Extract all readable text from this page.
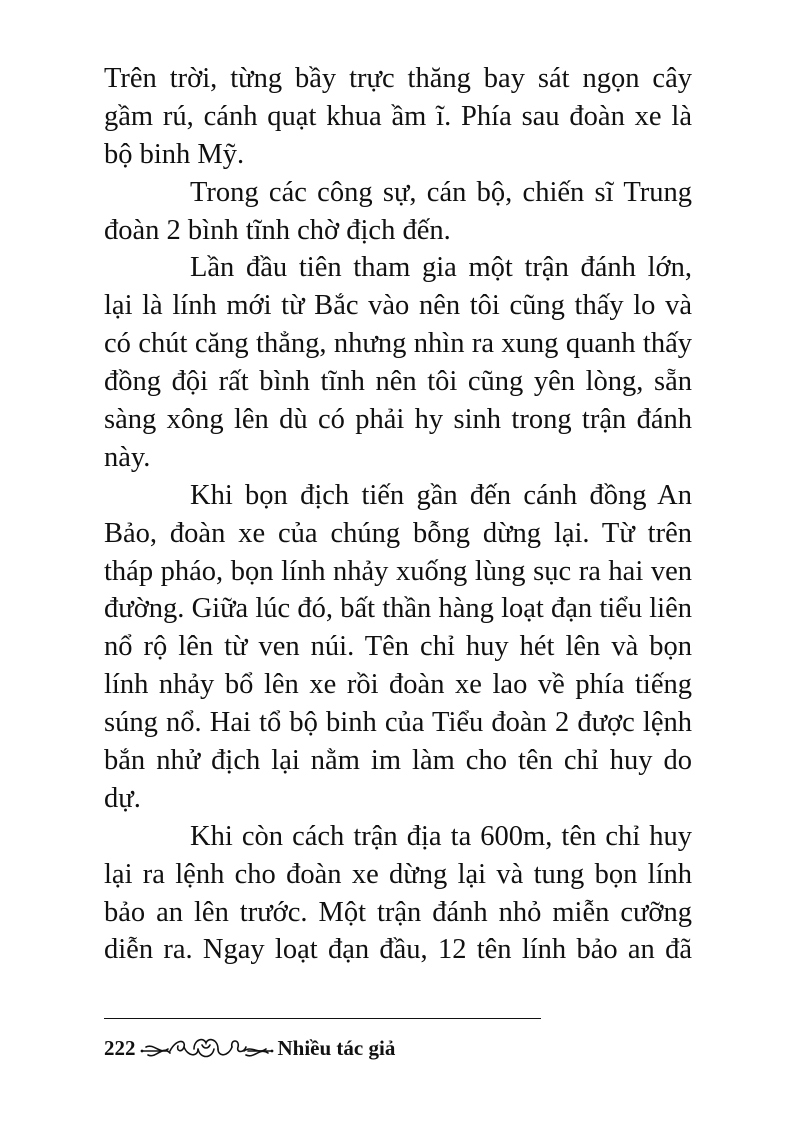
Trên trời, từng bầy trực thăng bay sát ngọn cây
gầm rú, cánh quạt khua ầm ĩ. Phía sau đoàn xe là
bộ binh Mỹ.
Trong các công sự, cán bộ, chiến sĩ Trung
đoàn 2 bình tĩnh chờ địch đến.
Lần đầu tiên tham gia một trận đánh lớn,
lại là lính mới từ Bắc vào nên tôi cũng thấy lo và
có chút căng thẳng, nhưng nhìn ra xung quanh thấy
đồng đội rất bình tĩnh nên tôi cũng yên lòng, sẵn
sàng xông lên dù có phải hy sinh trong trận đánh
này.
Khi bọn địch tiến gần đến cánh đồng An
Bảo, đoàn xe của chúng bỗng dừng lại. Từ trên
tháp pháo, bọn lính nhảy xuống lùng sục ra hai ven
đường. Giữa lúc đó, bất thần hàng loạt đạn tiểu liên
nổ rộ lên từ ven núi. Tên chỉ huy hét lên và bọn
lính nhảy bổ lên xe rồi đoàn xe lao về phía tiếng
súng nổ. Hai tổ bộ binh của Tiểu đoàn 2 được lệnh
bắn nhử địch lại nằm im làm cho tên chỉ huy do
dự.
Khi còn cách trận địa ta 600m, tên chỉ huy
lại ra lệnh cho đoàn xe dừng lại và tung bọn lính
bảo an lên trước. Một trận đánh nhỏ miễn cưỡng
diễn ra. Ngay loạt đạn đầu, 12 tên lính bảo an đã
222	Nhiều tác giả
